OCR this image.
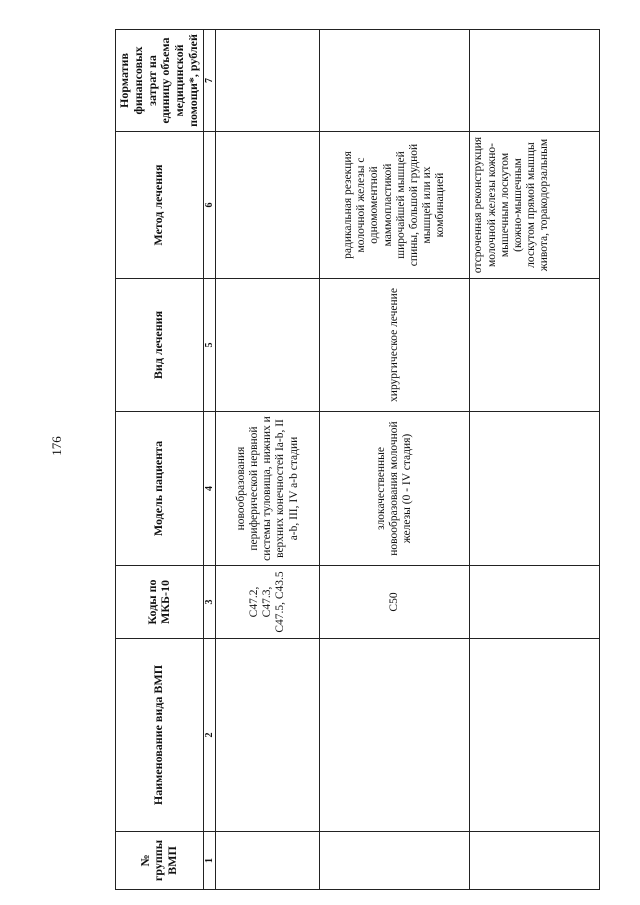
176
№ группы ВМП	Наименование вида ВМП	Коды по МКБ-10	Модель пациента	Вид лечения	Метод лечения	Норматив финансовых затрат на единицу объема медицинской помощи*, рублей
1	2	3	4	5	6	7
		C47.2, C47.3, C47.5, C43.5	новообразования периферической нервной системы туловища, нижних и верхних конечностей Ia-b, II a-b, III, IV a-b стадии			
		C50	злокачественные новообразования молочной железы (0 - IV стадия)	хирургическое лечение	радикальная резекция молочной железы с одномоментной маммопластикой широчайшей мышцей спины, большой грудной мышцей или их комбинацией	
					отсроченная реконструкция молочной железы кожно-мышечным лоскутом (кожно-мышечным лоскутом прямой мышцы живота, торакодорзальным	
